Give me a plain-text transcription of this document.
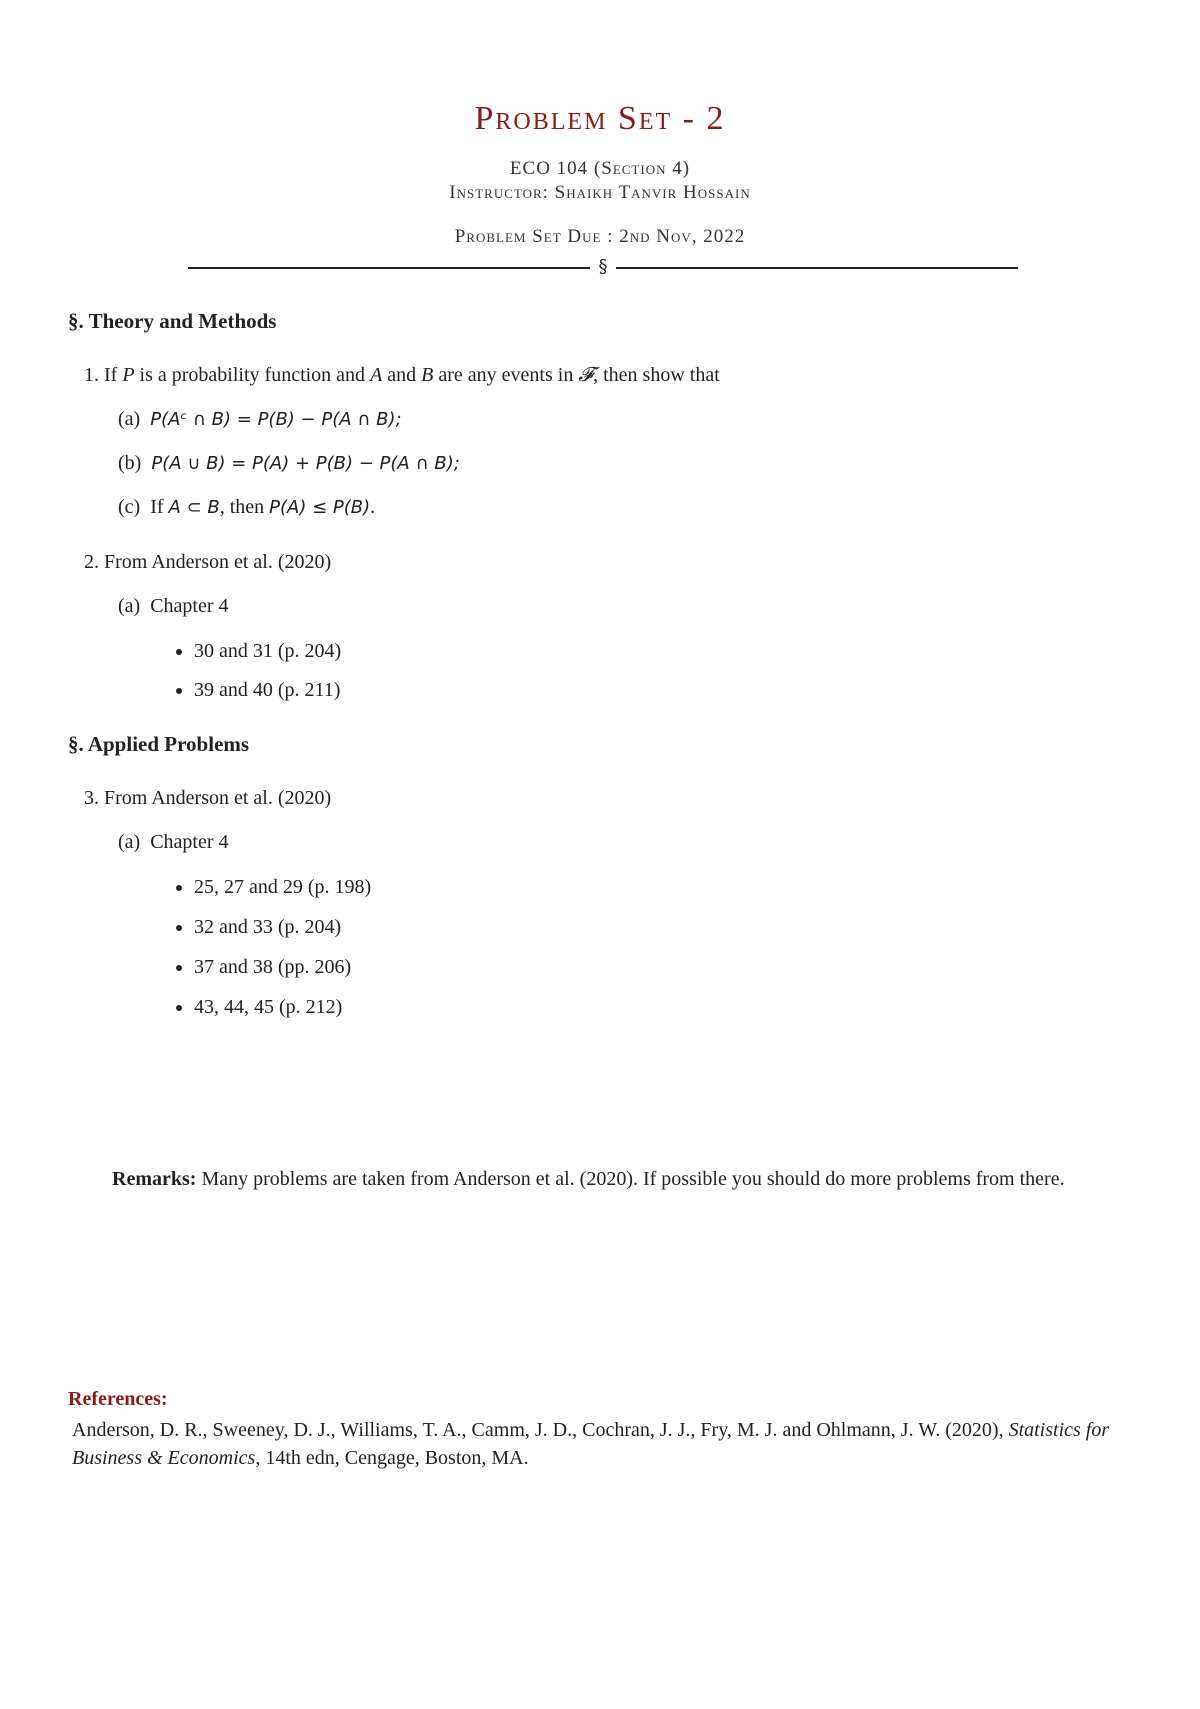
Problem Set - 2
ECO 104 (Section 4)
Instructor: Shaikh Tanvir Hossain
Problem Set Due : 2nd Nov, 2022
§
§. Theory and Methods
1. If P is a probability function and A and B are any events in 𝓕, then show that
(a) P(Aᶜ ∩ B) = P(B) − P(A ∩ B);
(b) P(A ∪ B) = P(A) + P(B) − P(A ∩ B);
(c) If A ⊂ B, then P(A) ≤ P(B).
2. From Anderson et al. (2020)
(a) Chapter 4
30 and 31 (p. 204)
39 and 40 (p. 211)
§. Applied Problems
3. From Anderson et al. (2020)
(a) Chapter 4
25, 27 and 29 (p. 198)
32 and 33 (p. 204)
37 and 38 (pp. 206)
43, 44, 45 (p. 212)
Remarks: Many problems are taken from Anderson et al. (2020). If possible you should do more problems from there.
References:
Anderson, D. R., Sweeney, D. J., Williams, T. A., Camm, J. D., Cochran, J. J., Fry, M. J. and Ohlmann, J. W. (2020), Statistics for Business & Economics, 14th edn, Cengage, Boston, MA.
